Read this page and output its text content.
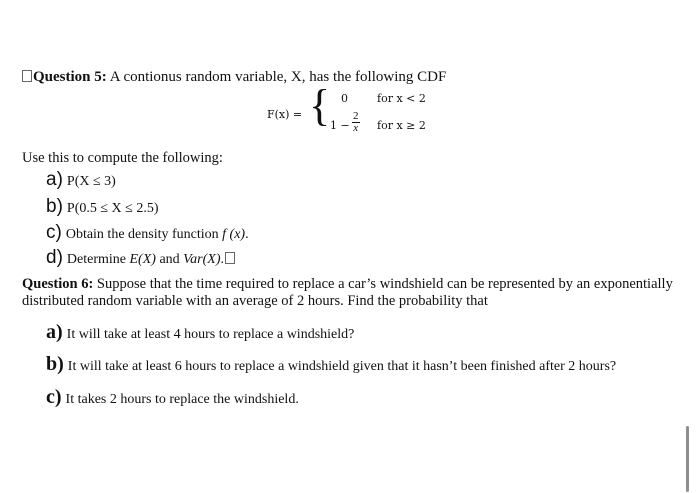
Question 5: A contionus random variable, X, has the following CDF
F(x) = { 0	for x < 2
$1 - \frac{2}{x}$ for x ≥ 2
Use this to compute the following:
a) P(X ≤ 3)
b) P(0.5 ≤ X ≤ 2.5)
c) Obtain the density function f (x).
d) Determine E(X) and Var(X).
Question 6: Suppose that the time required to replace a car’s windshield can be represented by an exponentially
distributed random variable with an average of 2 hours. Find the probability that
a) It will take at least 4 hours to replace a windshield?
b) It will take at least 6 hours to replace a windshield given that it hasn’t been finished after 2 hours?
c) It takes 2 hours to replace the windshield.
